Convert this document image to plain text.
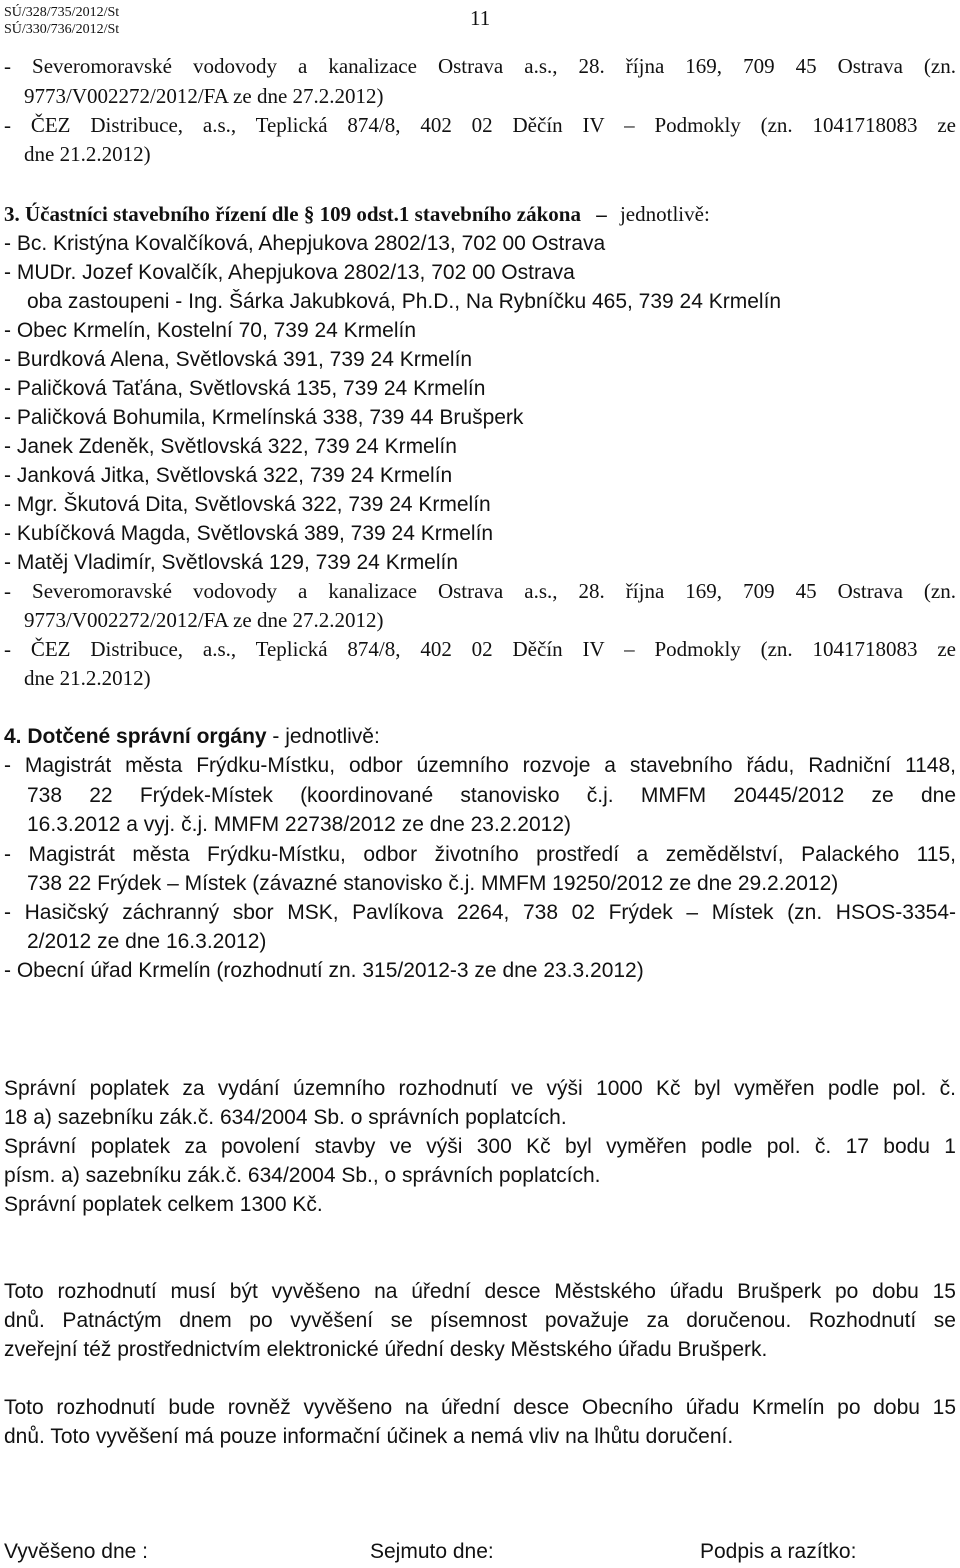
SÚ/328/735/2012/St
SÚ/330/736/2012/St	11
- Severomoravské vodovody a kanalizace Ostrava a.s., 28. října 169, 709 45 Ostrava (zn.
9773/V002272/2012/FA ze dne 27.2.2012)
- ČEZ Distribuce, a.s., Teplická 874/8, 402 02 Děčín IV – Podmokly (zn. 1041718083 ze
dne 21.2.2012)
3. Účastníci stavebního řízení dle § 109 odst.1 stavebního zákona – jednotlivě:
- Bc. Kristýna Kovalčíková, Ahepjukova 2802/13, 702 00 Ostrava
- MUDr. Jozef Kovalčík, Ahepjukova 2802/13, 702 00 Ostrava
oba zastoupeni - Ing. Šárka Jakubková, Ph.D., Na Rybníčku 465, 739 24 Krmelín
- Obec Krmelín, Kostelní 70, 739 24 Krmelín
- Burdková Alena, Světlovská 391, 739 24 Krmelín
- Paličková Taťána, Světlovská 135, 739 24 Krmelín
- Paličková Bohumila, Krmelínská 338, 739 44 Brušperk
- Janek Zdeněk, Světlovská 322, 739 24 Krmelín
- Janková Jitka, Světlovská 322, 739 24 Krmelín
- Mgr. Škutová Dita, Světlovská 322, 739 24 Krmelín
- Kubíčková Magda, Světlovská 389, 739 24 Krmelín
- Matěj Vladimír, Světlovská 129, 739 24 Krmelín
- Severomoravské vodovody a kanalizace Ostrava a.s., 28. října 169, 709 45 Ostrava (zn.
9773/V002272/2012/FA ze dne 27.2.2012)
- ČEZ Distribuce, a.s., Teplická 874/8, 402 02 Děčín IV – Podmokly (zn. 1041718083 ze
dne 21.2.2012)
4. Dotčené správní orgány - jednotlivě:
- Magistrát města Frýdku-Místku, odbor územního rozvoje a stavebního řádu, Radniční 1148,
738 22 Frýdek-Místek (koordinované stanovisko č.j. MMFM 20445/2012 ze dne
16.3.2012 a vyj. č.j. MMFM 22738/2012 ze dne 23.2.2012)
- Magistrát města Frýdku-Místku, odbor životního prostředí a zemědělství, Palackého 115,
738 22 Frýdek – Místek (závazné stanovisko č.j. MMFM 19250/2012 ze dne 29.2.2012)
- Hasičský záchranný sbor MSK, Pavlíkova 2264, 738 02 Frýdek – Místek (zn. HSOS-3354-
2/2012 ze dne 16.3.2012)
- Obecní úřad Krmelín (rozhodnutí zn. 315/2012-3 ze dne 23.3.2012)
Správní poplatek za vydání územního rozhodnutí ve výši 1000 Kč byl vyměřen podle pol. č.
18 a) sazebníku zák.č. 634/2004 Sb. o správních poplatcích.
Správní poplatek za povolení stavby ve výši 300 Kč byl vyměřen podle pol. č. 17 bodu 1
písm. a) sazebníku zák.č. 634/2004 Sb., o správních poplatcích.
Správní poplatek celkem 1300 Kč.
Toto rozhodnutí musí být vyvěšeno na úřední desce Městského úřadu Brušperk po dobu 15
dnů. Patnáctým dnem po vyvěšení se písemnost považuje za doručenou. Rozhodnutí se
zveřejní též prostřednictvím elektronické úřední desky Městského úřadu Brušperk.
Toto rozhodnutí bude rovněž vyvěšeno na úřední desce Obecního úřadu Krmelín po dobu 15
dnů. Toto vyvěšení má pouze informační účinek a nemá vliv na lhůtu doručení.
Vyvěšeno dne :	Sejmuto dne:	Podpis a razítko:
